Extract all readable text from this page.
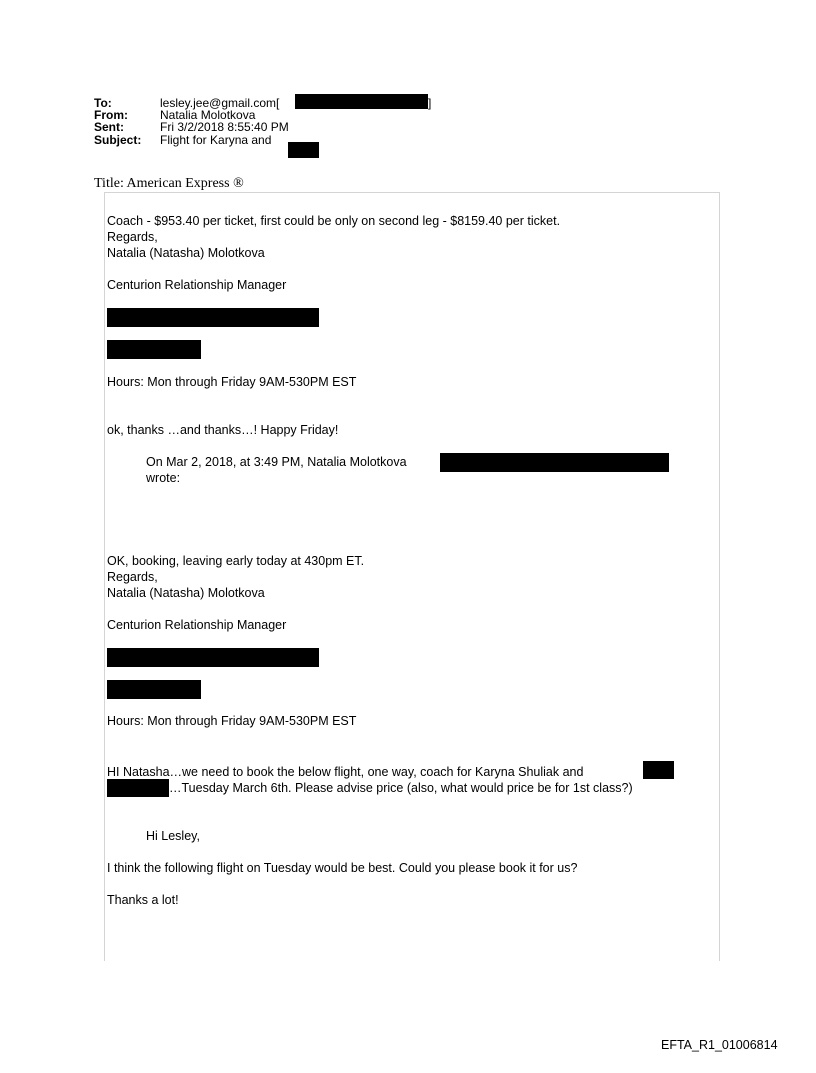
To:	lesley.jee@gmail.com[	]
From:	Natalia Molotkova
Sent:	Fri 3/2/2018 8:55:40 PM
Subject: Flight for Karyna and
Title: American Express ®
Coach - $953.40 per ticket, first could be only on second leg - $8159.40 per ticket.
Regards,
Natalia (Natasha) Molotkova
Centurion Relationship Manager
Hours: Mon through Friday 9AM-530PM EST
ok, thanks …and thanks…! Happy Friday!
On Mar 2, 2018, at 3:49 PM, Natalia Molotkova
wrote:
OK, booking, leaving early today at 430pm ET.
Regards,
Natalia (Natasha) Molotkova
Centurion Relationship Manager
Hours: Mon through Friday 9AM-530PM EST
HI Natasha…we need to book the below flight, one way, coach for Karyna Shuliak and
…Tuesday March 6th. Please advise price (also, what would price be for 1st class?)
Hi Lesley,
I think the following flight on Tuesday would be best. Could you please book it for us?
Thanks a lot!
EFTA_R1_01006814
